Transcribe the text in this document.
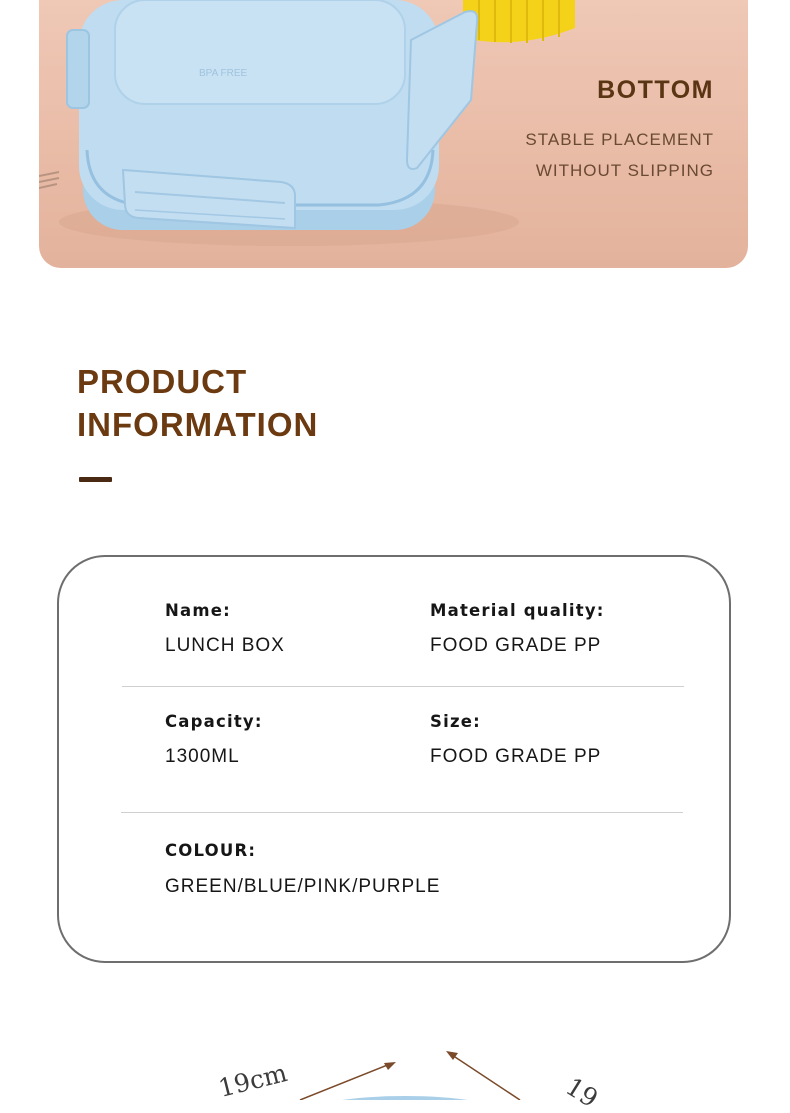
BPA FREE
BOTTOM
STABLE PLACEMENT
WITHOUT SLIPPING
PRODUCT
INFORMATION
Name:
LUNCH BOX
Material quality:
FOOD GRADE PP
Capacity:
1300ML
Size:
FOOD GRADE PP
COLOUR:
GREEN/BLUE/PINK/PURPLE
19cm	19
